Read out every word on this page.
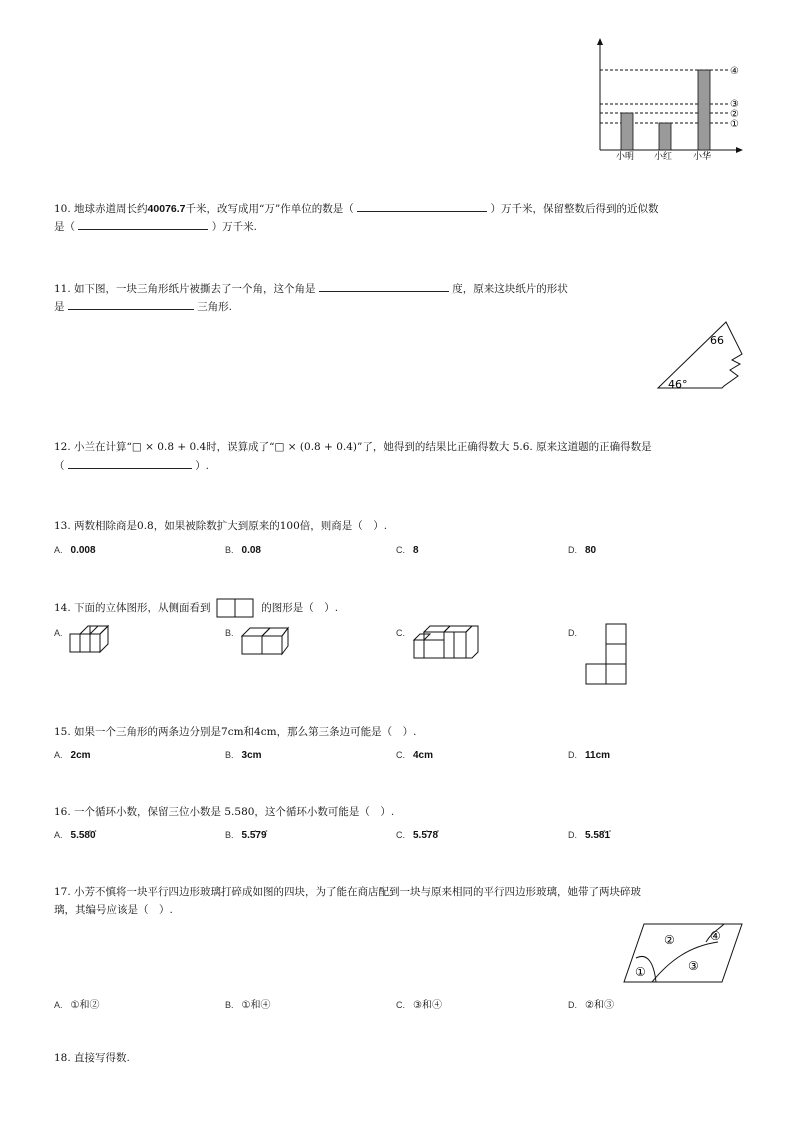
④
③
②
①
小明 小红 小华
10. 地球赤道周长约40076.7千米，改写成用“万”作单位的数是（	）万千米，保留整数后得到的近似数
是（	）万千米.
11. 如下图，一块三角形纸片被撕去了一个角，这个角是	度，原来这块纸片的形状
是	三角形.
66
46°
12. 小兰在计算“□ × 0.8 + 0.4时，误算成了“□ × (0.8 + 0.4)”了，她得到的结果比正确得数大 5.6. 原来这道题的正确得数是
（	）.
13. 两数相除商是0.8，如果被除数扩大到原来的100倍，则商是（　）.
A. 0.008	B. 0.08	C. 8	D. 80
14. 下面的立体图形，从侧面看到	的图形是（　）.
A.	B.	C.	D.
15. 如果一个三角形的两条边分别是7cm和4cm，那么第三条边可能是（　）.
A. 2cm	B. 3cm	C. 4cm	D. 11cm
16. 一个循环小数，保留三位小数是 5.580，这个循环小数可能是（　）.
A. 5.58̇0̇	B. 5.5̇79̇	C. 5.5̇78̇	D. 5.58̇1̇
17. 小芳不慎将一块平行四边形玻璃打碎成如图的四块，为了能在商店配到一块与原来相同的平行四边形玻璃，她带了两块碎玻
璃，其编号应该是（　）.
①
②
③
④
A. ①和②	B. ①和④	C. ③和④	D. ②和③
18. 直接写得数.
